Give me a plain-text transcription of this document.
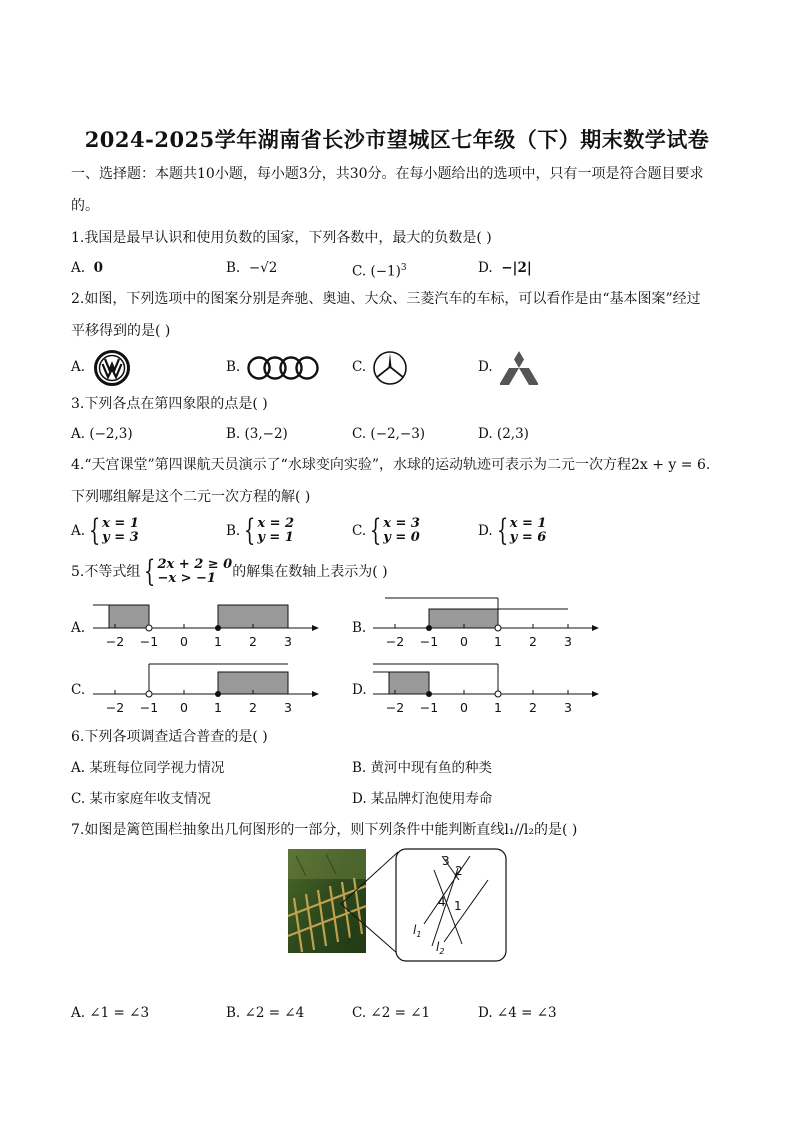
2024-2025学年湖南省长沙市望城区七年级（下）期末数学试卷
一、选择题：本题共10小题，每小题3分，共30分。在每小题给出的选项中，只有一项是符合题目要求
的。
1.我国是最早认识和使用负数的国家，下列各数中，最大的负数是( )
A. 0	B. −√2	C. $(-1)^3$	D. −|2|
2.如图，下列选项中的图案分别是奔驰、奥迪、大众、三菱汽车的车标，可以看作是由“基本图案”经过
平移得到的是( )
A.	B.	C.	D.
3.下列各点在第四象限的点是( )
A. (−2,3)	B. (3,−2)	C. (−2,−3)	D. (2,3)
4.“天宫课堂”第四课航天员演示了“水球变向实验”，水球的运动轨迹可表示为二元一次方程2x + y = 6.
下列哪组解是这个二元一次方程的解( )
A. { x = 1
y = 3	B. { x = 2
y = 1	C. { x = 3
y = 0	D. { x = 1
y = 6
5.不等式组 { 2x + 2 ≥ 0
−x > −1 的解集在数轴上表示为( )
A.
−2 −1 0 1 2 3
B.
−2 −1 0 1 2 3
C.
−2 −1 0 1 2 3
D.
−2 −1 0 1 2 3
6.下列各项调查适合普查的是( )
A. 某班每位同学视力情况	B. 黄河中现有鱼的种类
C. 某市家庭年收支情况	D. 某品牌灯泡使用寿命
7.如图是篱笆围栏抽象出几何图形的一部分，则下列条件中能判断直线l₁//l₂的是( )
3
2
4 1
$l_1$
$l_2$
A. ∠1 = ∠3	B. ∠2 = ∠4	C. ∠2 = ∠1	D. ∠4 = ∠3
